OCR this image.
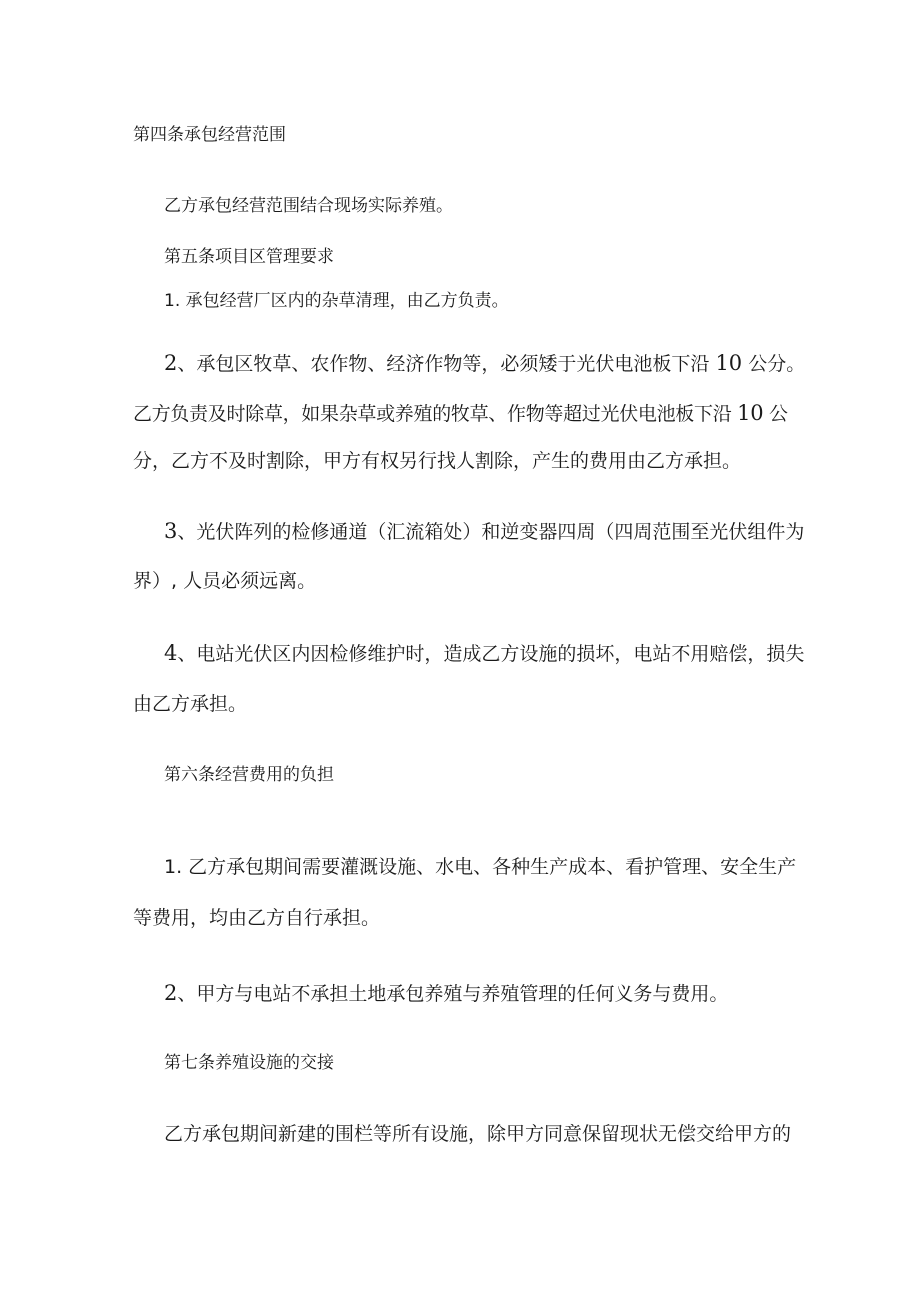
第四条承包经营范围
乙方承包经营范围结合现场实际养殖。
第五条项目区管理要求
1. 承包经营厂区内的杂草清理，由乙方负责。
2、承包区牧草、农作物、经济作物等，必须矮于光伏电池板下沿 10 公分。
乙方负责及时除草，如果杂草或养殖的牧草、作物等超过光伏电池板下沿 10 公
分，乙方不及时割除，甲方有权另行找人割除，产生的费用由乙方承担。
3、光伏阵列的检修通道（汇流箱处）和逆变器四周（四周范围至光伏组件为
界）, 人员必须远离。
4、电站光伏区内因检修维护时，造成乙方设施的损坏，电站不用赔偿，损失
由乙方承担。
第六条经营费用的负担
1. 乙方承包期间需要灌溉设施、水电、各种生产成本、看护管理、安全生产
等费用，均由乙方自行承担。
2、甲方与电站不承担土地承包养殖与养殖管理的任何义务与费用。
第七条养殖设施的交接
乙方承包期间新建的围栏等所有设施，除甲方同意保留现状无偿交给甲方的
